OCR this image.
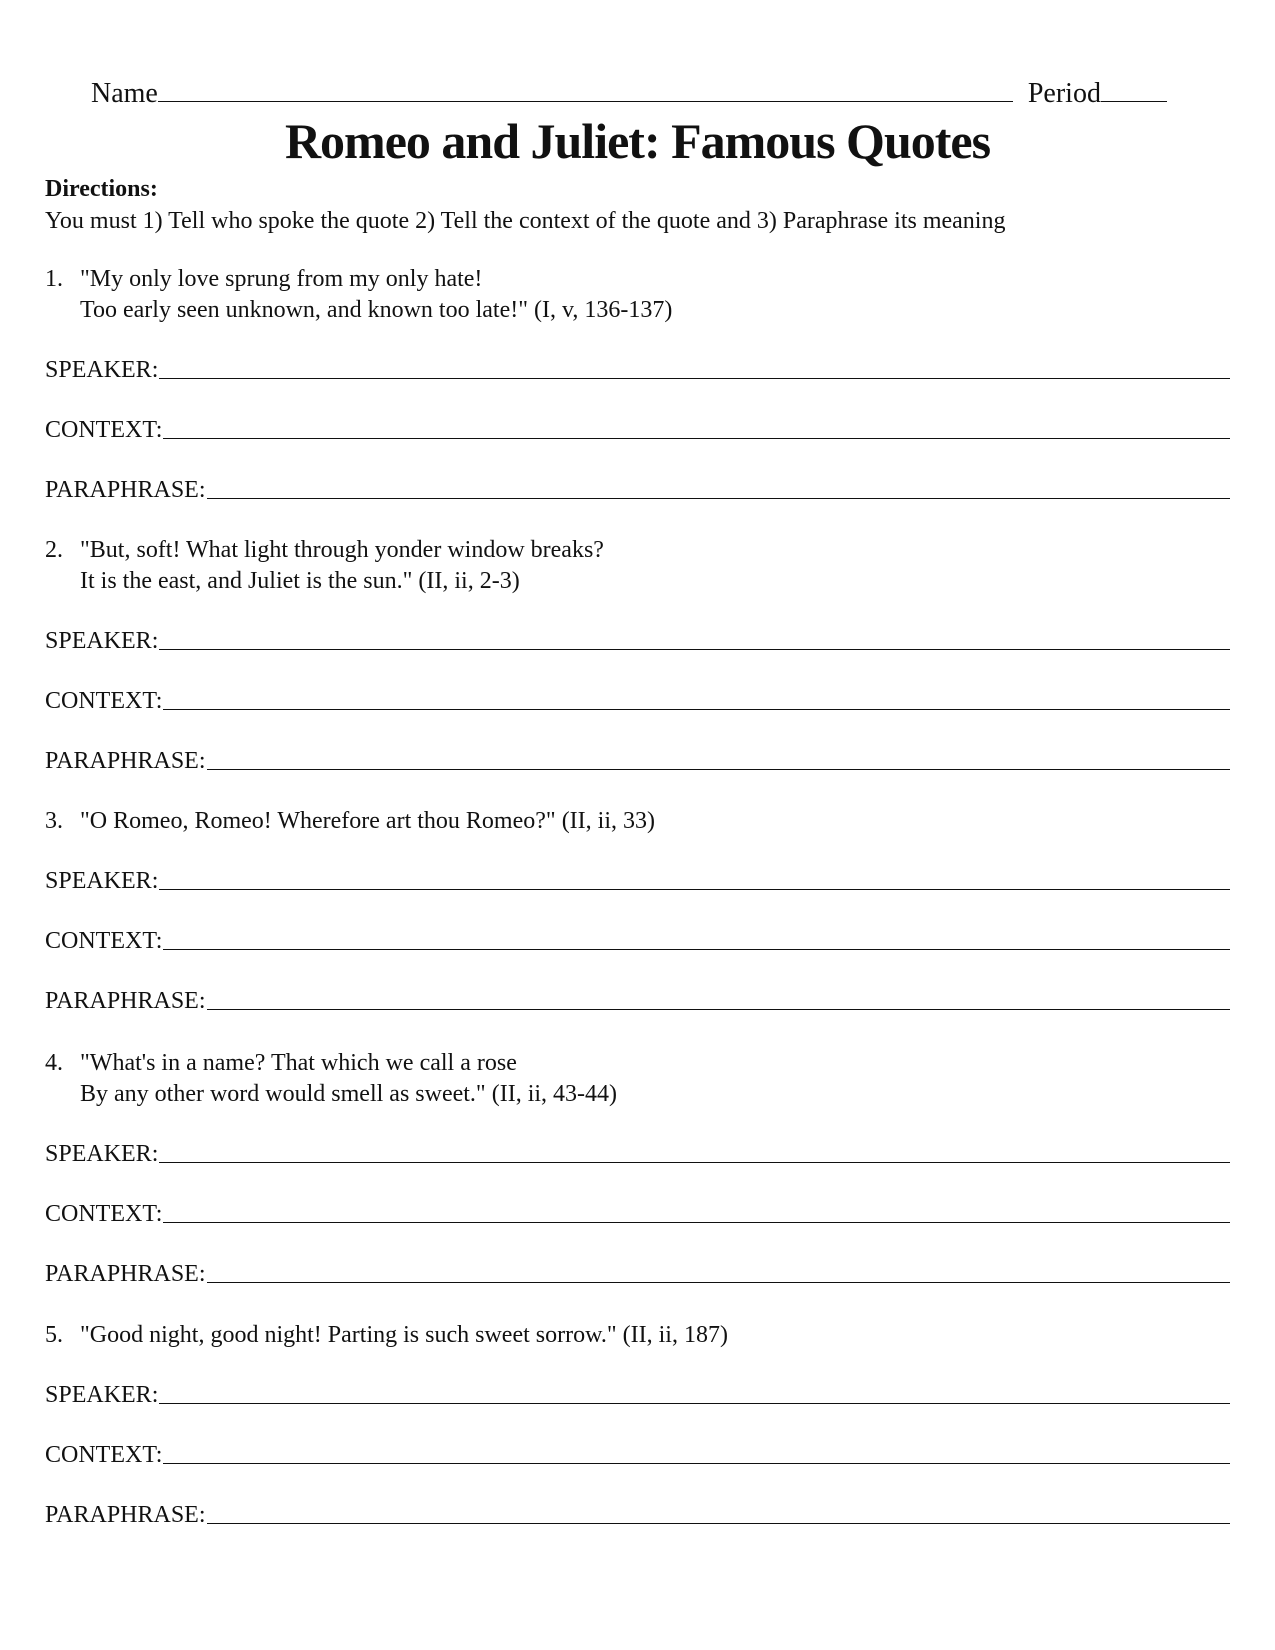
Name	Period
Romeo and Juliet: Famous Quotes
Directions:
You must 1) Tell who spoke the quote 2) Tell the context of the quote and 3) Paraphrase its meaning
1. "My only love sprung from my only hate!
Too early seen unknown, and known too late!" (I, v, 136-137)
SPEAKER:
CONTEXT:
PARAPHRASE:
2. "But, soft! What light through yonder window breaks?
It is the east, and Juliet is the sun." (II, ii, 2-3)
SPEAKER:
CONTEXT:
PARAPHRASE:
3. "O Romeo, Romeo! Wherefore art thou Romeo?" (II, ii, 33)
SPEAKER:
CONTEXT:
PARAPHRASE:
4. "What's in a name? That which we call a rose
By any other word would smell as sweet." (II, ii, 43-44)
SPEAKER:
CONTEXT:
PARAPHRASE:
5. "Good night, good night! Parting is such sweet sorrow." (II, ii, 187)
SPEAKER:
CONTEXT:
PARAPHRASE:
